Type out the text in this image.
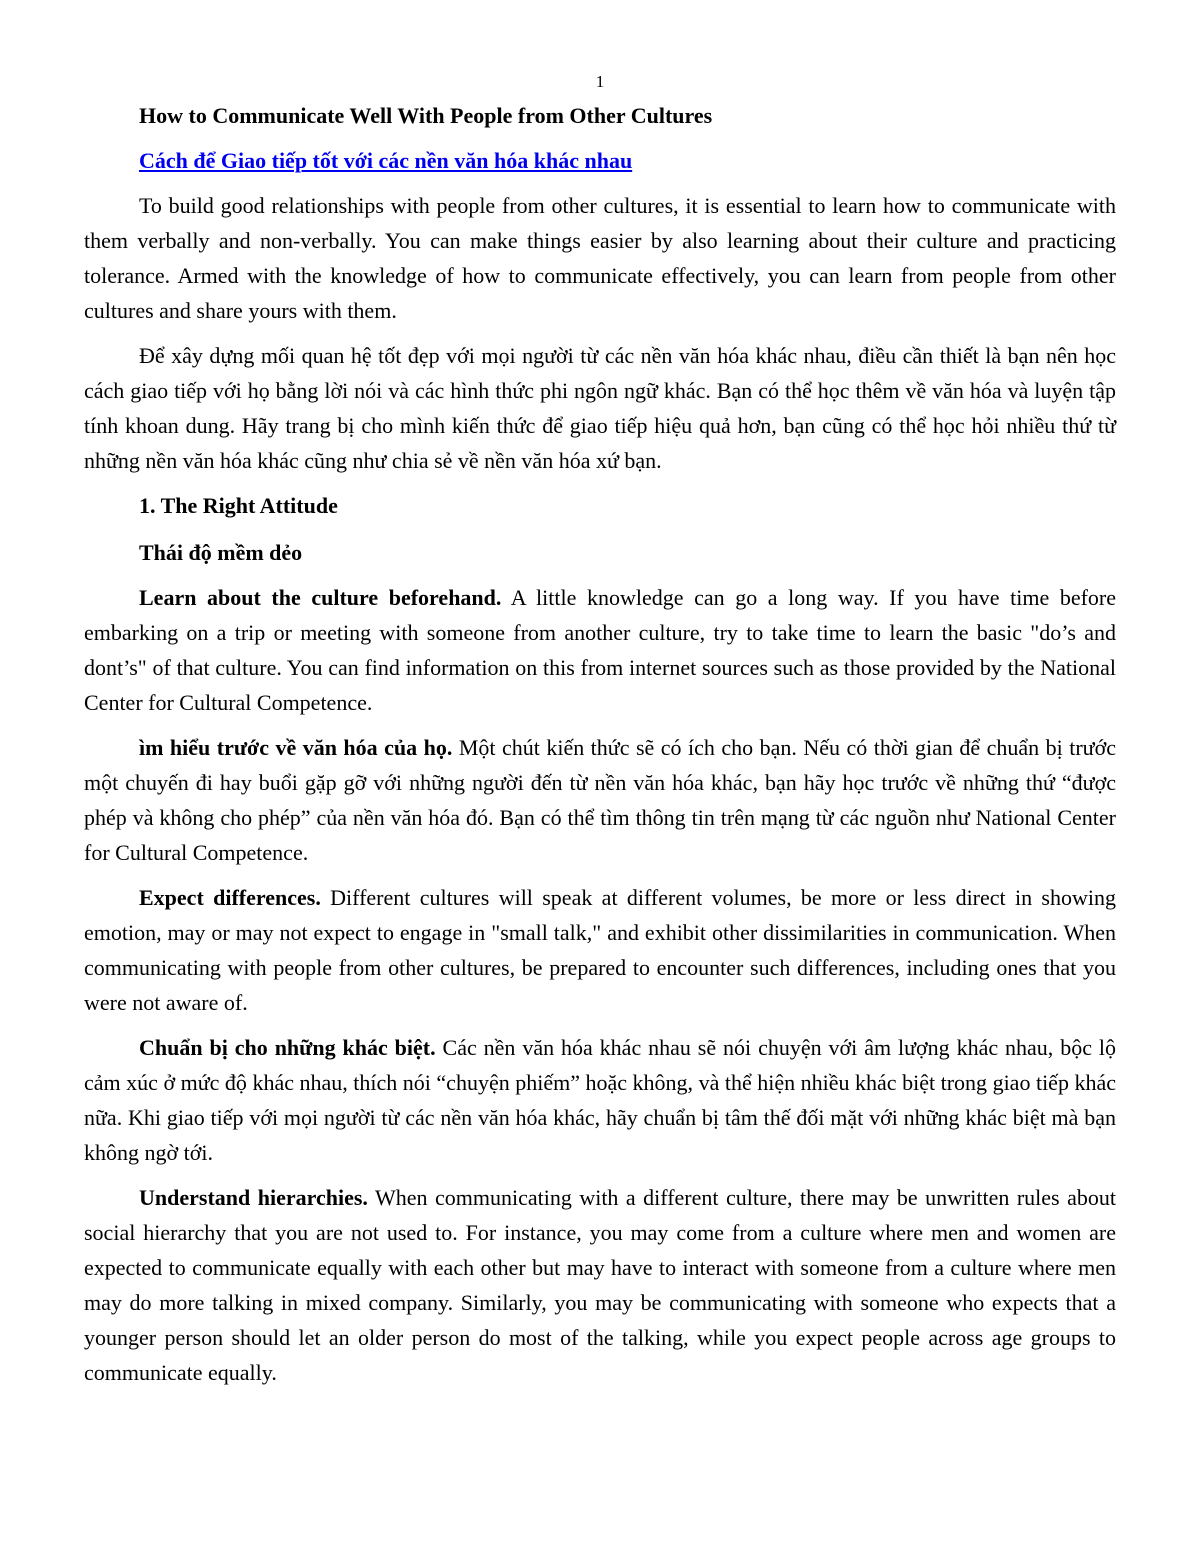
1

How to Communicate Well With People from Other Cultures

Cách để Giao tiếp tốt với các nền văn hóa khác nhau

To build good relationships with people from other cultures, it is essential to learn how to communicate with them verbally and non-verbally. You can make things easier by also learning about their culture and practicing tolerance. Armed with the knowledge of how to communicate effectively, you can learn from people from other cultures and share yours with them.

Để xây dựng mối quan hệ tốt đẹp với mọi người từ các nền văn hóa khác nhau, điều cần thiết là bạn nên học cách giao tiếp với họ bằng lời nói và các hình thức phi ngôn ngữ khác. Bạn có thể học thêm về văn hóa và luyện tập tính khoan dung. Hãy trang bị cho mình kiến thức để giao tiếp hiệu quả hơn, bạn cũng có thể học hỏi nhiều thứ từ những nền văn hóa khác cũng như chia sẻ về nền văn hóa xứ bạn.

1. The Right Attitude

Thái độ mềm dẻo

Learn about the culture beforehand. A little knowledge can go a long way. If you have time before embarking on a trip or meeting with someone from another culture, try to take time to learn the basic "do’s and dont’s" of that culture. You can find information on this from internet sources such as those provided by the National Center for Cultural Competence.

ìm hiểu trước về văn hóa của họ. Một chút kiến thức sẽ có ích cho bạn. Nếu có thời gian để chuẩn bị trước một chuyến đi hay buổi gặp gỡ với những người đến từ nền văn hóa khác, bạn hãy học trước về những thứ “được phép và không cho phép” của nền văn hóa đó. Bạn có thể tìm thông tin trên mạng từ các nguồn như National Center for Cultural Competence.

Expect differences. Different cultures will speak at different volumes, be more or less direct in showing emotion, may or may not expect to engage in "small talk," and exhibit other dissimilarities in communication. When communicating with people from other cultures, be prepared to encounter such differences, including ones that you were not aware of.

Chuẩn bị cho những khác biệt. Các nền văn hóa khác nhau sẽ nói chuyện với âm lượng khác nhau, bộc lộ cảm xúc ở mức độ khác nhau, thích nói “chuyện phiếm” hoặc không, và thể hiện nhiều khác biệt trong giao tiếp khác nữa. Khi giao tiếp với mọi người từ các nền văn hóa khác, hãy chuẩn bị tâm thế đối mặt với những khác biệt mà bạn không ngờ tới.

Understand hierarchies. When communicating with a different culture, there may be unwritten rules about social hierarchy that you are not used to. For instance, you may come from a culture where men and women are expected to communicate equally with each other but may have to interact with someone from a culture where men may do more talking in mixed company. Similarly, you may be communicating with someone who expects that a younger person should let an older person do most of the talking, while you expect people across age groups to communicate equally.
